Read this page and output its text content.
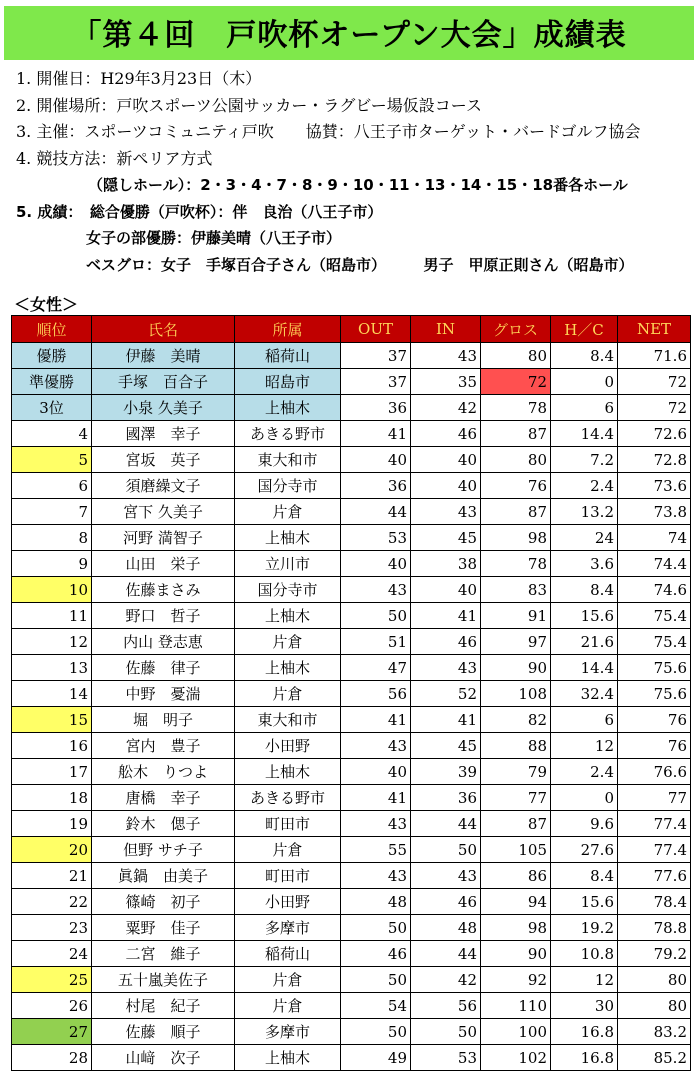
「第４回　戸吹杯オープン大会」成績表
1. 開催日：H29年3月23日（木）
2. 開催場所：戸吹スポーツ公園サッカー・ラグビー場仮設コース
3. 主催：スポーツコミュニティ戸吹　　協賛：八王子市ターゲット・バードゴルフ協会
4. 競技方法：新ペリア方式
（隠しホール）：2・3・4・7・8・9・10・11・13・14・15・18番各ホール
5. 成績：　総合優勝（戸吹杯）：伴　良治（八王子市）
女子の部優勝：伊藤美晴（八王子市）
ベスグロ：女子　手塚百合子さん（昭島市）　　　男子　甲原正則さん（昭島市）
＜女性＞
順位	氏名	所属	OUT	IN	グロス	H／C	NET
優勝	伊藤　美晴	稲荷山	37	43	80	8.4	71.6
準優勝	手塚　百合子	昭島市	37	35	72	0	72
3位	小泉 久美子	上柚木	36	42	78	6	72
4	國澤　幸子	あきる野市	41	46	87	14.4	72.6
5	宮坂　英子	東大和市	40	40	80	7.2	72.8
6	須磨繰文子	国分寺市	36	40	76	2.4	73.6
7	宮下 久美子	片倉	44	43	87	13.2	73.8
8	河野 満智子	上柚木	53	45	98	24	74
9	山田　栄子	立川市	40	38	78	3.6	74.4
10	佐藤まさみ	国分寺市	43	40	83	8.4	74.6
11	野口　哲子	上柚木	50	41	91	15.6	75.4
12	内山 登志恵	片倉	51	46	97	21.6	75.4
13	佐藤　律子	上柚木	47	43	90	14.4	75.6
14	中野　憂湍	片倉	56	52	108	32.4	75.6
15	堀　明子	東大和市	41	41	82	6	76
16	宮内　豊子	小田野	43	45	88	12	76
17	舩木　りつよ	上柚木	40	39	79	2.4	76.6
18	唐橋　幸子	あきる野市	41	36	77	0	77
19	鈴木　偲子	町田市	43	44	87	9.6	77.4
20	但野 サチ子	片倉	55	50	105	27.6	77.4
21	眞鍋　由美子	町田市	43	43	86	8.4	77.6
22	篠崎　初子	小田野	48	46	94	15.6	78.4
23	粟野　佳子	多摩市	50	48	98	19.2	78.8
24	二宮　維子	稲荷山	46	44	90	10.8	79.2
25	五十嵐美佐子	片倉	50	42	92	12	80
26	村尾　紀子	片倉	54	56	110	30	80
27	佐藤　順子	多摩市	50	50	100	16.8	83.2
28	山﨑　次子	上柚木	49	53	102	16.8	85.2
